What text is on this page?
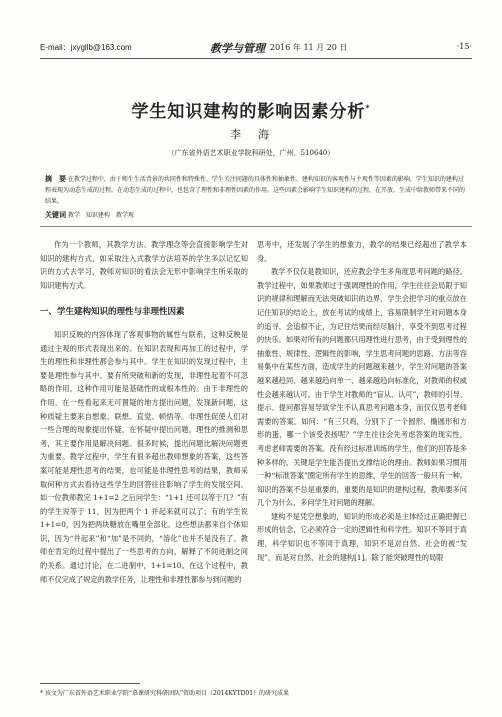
E-mail：jxygllb@163.com	教学与管理 2016 年 11 月 20 日	·15·
学生知识建构的影响因素分析*
李　海
（广东省外语艺术职业学院科研处，广州，510640）
摘　要 在教学过程中，由于师生生活背景的共同性和特殊性、学生关注问题的具体性和抽象性、建构知识的客观性与主观性等因素的影响，学生知识的建构过程表现为动态生成的过程。在动态生成的过程中，也包含了理性和非理性因素的作用。这些因素会影响学生知识建构的过程，在开放、生成中给教师带来不同的结果。
关键词 教学　知识建构　教学观

作为一个教师，其教学方法、教学理念等会直接影响学生对知识的建构方式，如采取注入式教学方法培养的学生多以记忆知识的方式去学习，教师对知识的看法会无形中影响学生所采取的知识建构方式。

一、学生建构知识的理性与非理性因素

知识反映的内容体现了客观事物的属性与联系，这种反映是通过主观的形式表现出来的。在知识表现和再加工的过程中，学生的理性和非理性都会参与其中。学生在知识的发现过程中，主要是理性参与其中。要有所突破和新的发现，非理性起着不可忽略的作用，这种作用可能是基础性的或根本性的。由于非理性的作用，在一些看起来无可置疑的地方提出问题，发现新问题，这种质疑主要来自想象、联想、直觉、顿悟等。非理性促使人们对一些合理的现象提出怀疑，在怀疑中提出问题。理性的推测和思考，其主要作用是解决问题。很多时候，提出问题比解决问题更为重要。教学过程中，学生有很多超出教师想象的答案，这些答案可能是理性思考的结果，也可能是非理性思考的结果，教师采取何种方式去看待这些学生的回答往往影响了学生的发展空间。如一位教师教完 1+1=2 之后问学生：“1+1 还可以等于几？”有的学生说等于 11，因为把两个 1 并起来就可以了；有的学生说 1+1=0，因为把两块糖放在嘴里全部化。这些想法都来自个体知识，因为“并起来”和“加”是不同的，“溶化”也并不是没有了。教师在肯定的过程中提出了一些思考的方向，解释了不同进制之间的关系。通过讨论，在二进制中，1+1=10。在这个过程中，教师不仅完成了规定的教学任务，让理性和非理性都参与到问题的

思考中，还发展了学生的想象力，教学的结果已经超出了教学本身。

教学不仅仅是教知识，还应教会学生多角度思考问题的路径。教学过程中，如果教师过于强调理性的作用，学生往往会局限于知识的规律和理解而无法突破知识的边界，学生会把学习的重点放在记住知识的结论上，放在考试的成绩上，容易限制学生对问题本身的追寻，会追根不止，为记住结果而经尽脑汁，享受不到思考过程的快乐。如果对所有的问题都只用理性进行思考，由于受到理性的抽象性、规律性、逻辑性的影响，学生思考问题的思路、方法等容易集中在某些方面，造成学生的问题越来越少，学生对问题的答案越来越趋同、越来越趋向单一、越来越趋向标准化，对教师的权威性会越来越认可。由于学生对教师的“盲从、认可”，教师的引导、提示、提问都容易导致学生不认真思考问题本身，而仅仅思考老师需要的答案。如问：“有三只鸡，分别下了一个圆形、椭圆形和方形的蛋，哪一个该受表扬呢？”学生往往会先考虑答案的现实性，考虑老师需要的答案。没有经过标准训练的学生，他们的回答是多种多样的，关键是学生能否提出支撑结论的理由。教师如果习惯用一种“标准答案”圈定所有学生的思维，学生的回答一般只有一种。知识的答案不总是重要的，重要的是知识的建构过程，教师要多问几个为什么，多问学生对问题的理解。

建构不是凭空想象的，知识的形成必须是主体经过正确把握已形成的信念，它必须符合一定的逻辑性和科学性。知识不等同于真理，科学知识也不等同于真理，知识不是对自然、社会的被“发现”，而是对自然、社会的建构[1]。除了能突破理性的局限

* 该文为广东省外语艺术职业学院“慕课研究科研团队”资助项目（2014KYTD01）的研究成果
